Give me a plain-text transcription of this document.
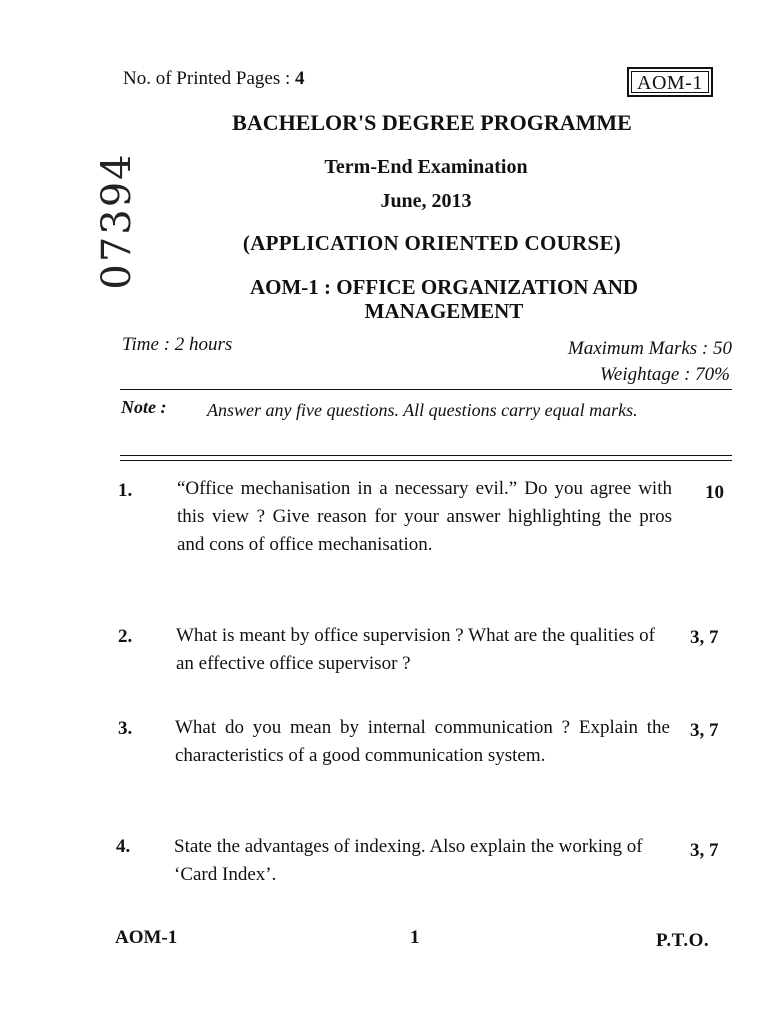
No. of Printed Pages : 4	AOM-1
07394
BACHELOR'S DEGREE PROGRAMME
Term-End Examination
June, 2013
(APPLICATION ORIENTED COURSE)
AOM-1 : OFFICE ORGANIZATION AND
MANAGEMENT
Time : 2 hours	Maximum Marks : 50
Weightage : 70%
Note : Answer any five questions. All questions carry equal marks.
1. “Office mechanisation in a necessary evil.” Do you agree with this view ? Give reason for your answer highlighting the pros and cons of office mechanisation.
10
2. What is meant by office supervision ? What are the qualities of an effective office supervisor ?
3, 7
3. What do you mean by internal communication ? Explain the characteristics of a good communication system.
3, 7
4. State the advantages of indexing. Also explain the working of ‘Card Index’.
3, 7
AOM-1	1	P.T.O.
